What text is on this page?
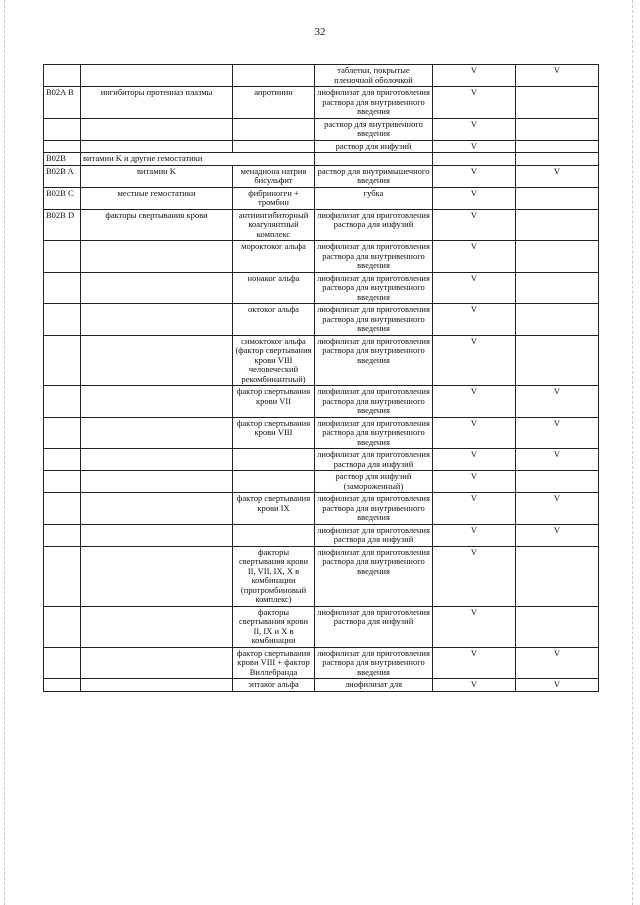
32
			таблетки, покрытые пленочной оболочкой	V	V
B02A B	ингибиторы протеиназ плазмы	апротинин	лиофилизат для приготовления раствора для внутривенного введения	V	
			раствор для внутривенного введения	V	
			раствор для инфузий	V	
B02B	витамин K и другие гемостатики				
B02B A	витамин K	менадиона натрия бисульфит	раствор для внутримышечного введения	V	V
B02B C	местные гемостатики	фибриноген + тромбин	губка	V	
B02B D	факторы свертывания крови	антиингибиторный коагулянтный комплекс	лиофилизат для приготовления раствора для инфузий	V	
		мороктоког альфа	лиофилизат для приготовления раствора для внутривенного введения	V	
		нонаког альфа	лиофилизат для приготовления раствора для внутривенного введения	V	
		октоког альфа	лиофилизат для приготовления раствора для внутривенного введения	V	
		симоктоког альфа (фактор свертывания крови VIII человеческий рекомбинантный)	лиофилизат для приготовления раствора для внутривенного введения	V	
		фактор свертывания крови VII	лиофилизат для приготовления раствора для внутривенного введения	V	V
		фактор свертывания крови VIII	лиофилизат для приготовления раствора для внутривенного введения	V	V
			лиофилизат для приготовления раствора для инфузий	V	V
			раствор для инфузий (замороженный)	V	
		фактор свертывания крови IX	лиофилизат для приготовления раствора для внутривенного введения	V	V
			лиофилизат для приготовления раствора для инфузий	V	V
		факторы свертывания крови II, VII, IX, X в комбинации (протромбиновый комплекс)	лиофилизат для приготовления раствора для внутривенного введения	V	
		факторы свертывания крови II, IX и X в комбинации	лиофилизат для приготовления раствора для инфузий	V	
		фактор свертывания крови VIII + фактор Виллебранда	лиофилизат для приготовления раствора для внутривенного введения	V	V
		эптаког альфа	лиофилизат для	V	V
